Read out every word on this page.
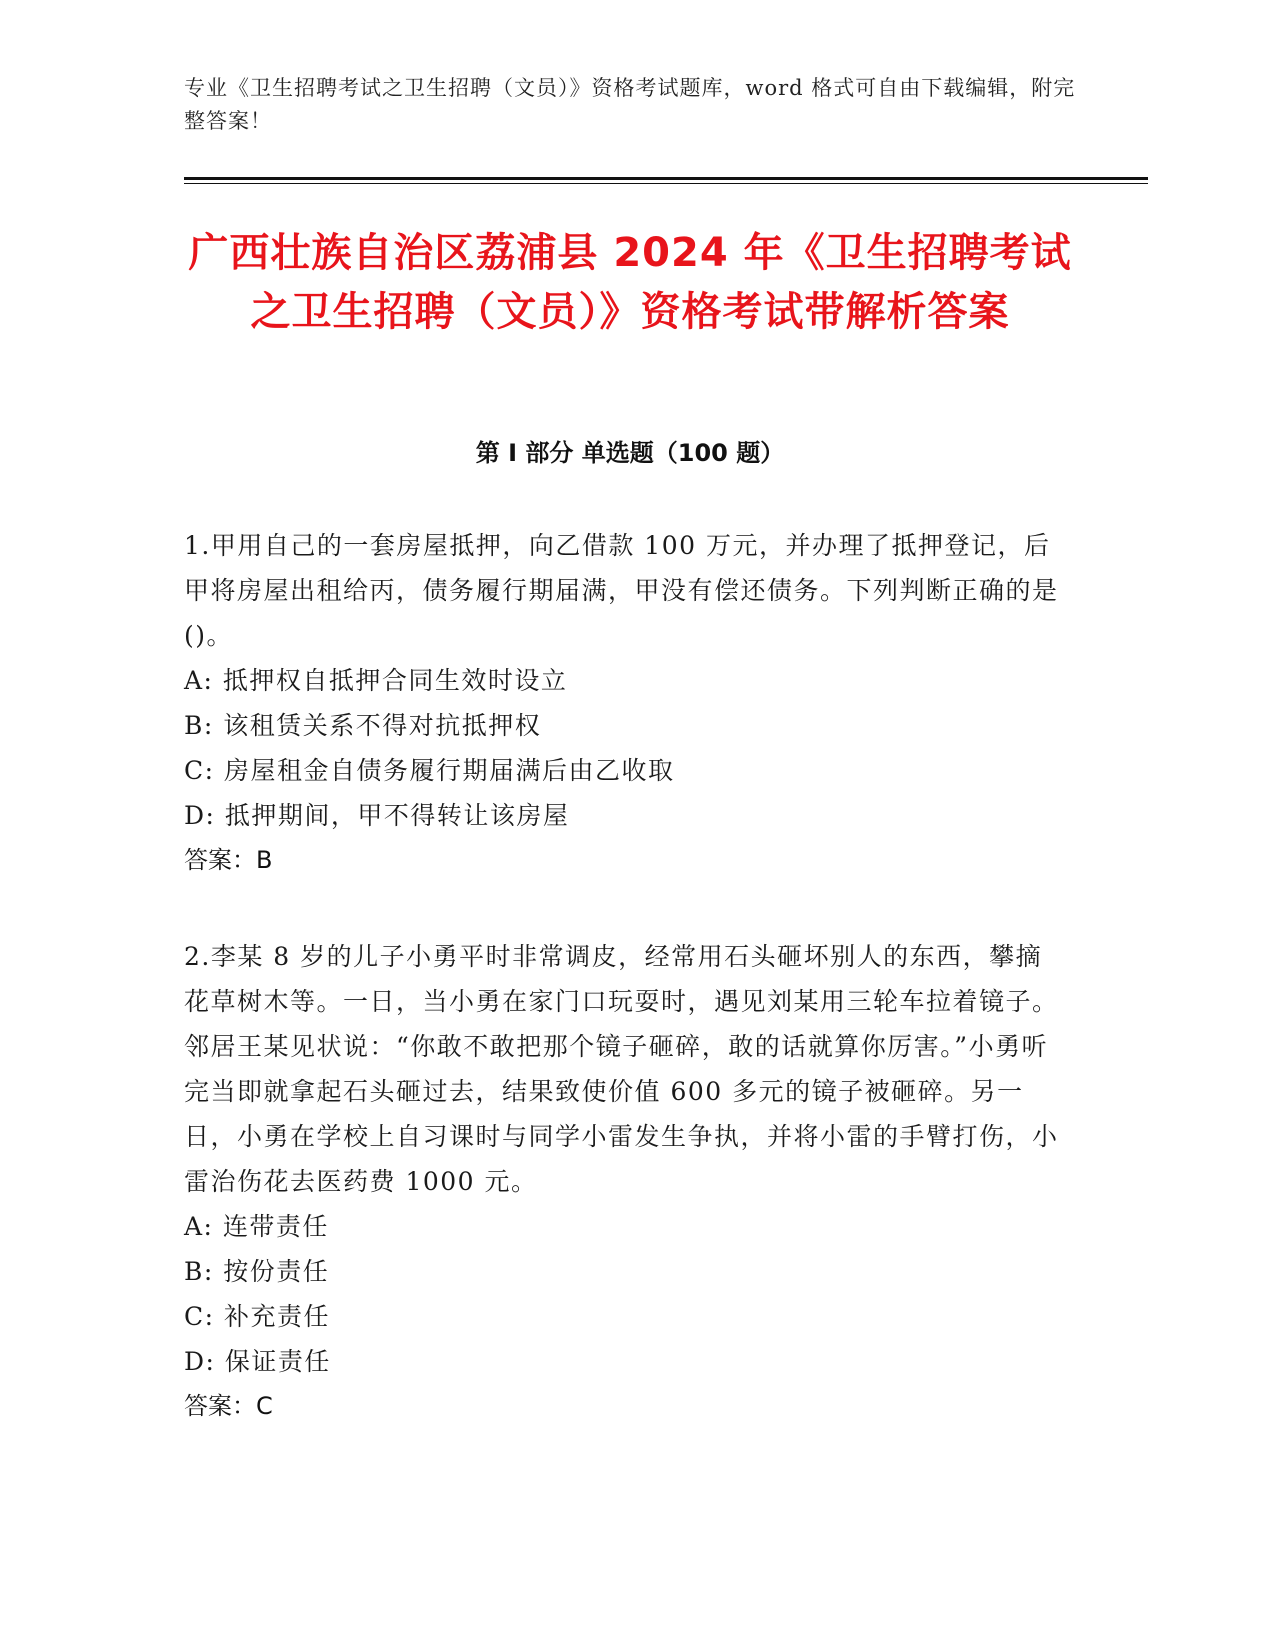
专业《卫生招聘考试之卫生招聘（文员）》资格考试题库，word 格式可自由下载编辑，附完整答案！
广西壮族自治区荔浦县 2024 年《卫生招聘考试之卫生招聘（文员）》资格考试带解析答案
第 I 部分 单选题（100 题）

1.甲用自己的一套房屋抵押，向乙借款 100 万元，并办理了抵押登记，后甲将房屋出租给丙，债务履行期届满，甲没有偿还债务。下列判断正确的是()。

A: 抵押权自抵押合同生效时设立

B: 该租赁关系不得对抗抵押权

C: 房屋租金自债务履行期届满后由乙收取

D: 抵押期间，甲不得转让该房屋

答案：B

2.李某 8 岁的儿子小勇平时非常调皮，经常用石头砸坏别人的东西，攀摘花草树木等。一日，当小勇在家门口玩耍时，遇见刘某用三轮车拉着镜子。邻居王某见状说：“你敢不敢把那个镜子砸碎，敢的话就算你厉害。”小勇听完当即就拿起石头砸过去，结果致使价值 600 多元的镜子被砸碎。另一日，小勇在学校上自习课时与同学小雷发生争执，并将小雷的手臂打伤，小雷治伤花去医药费 1000 元。

A: 连带责任

B: 按份责任

C: 补充责任

D: 保证责任

答案：C
